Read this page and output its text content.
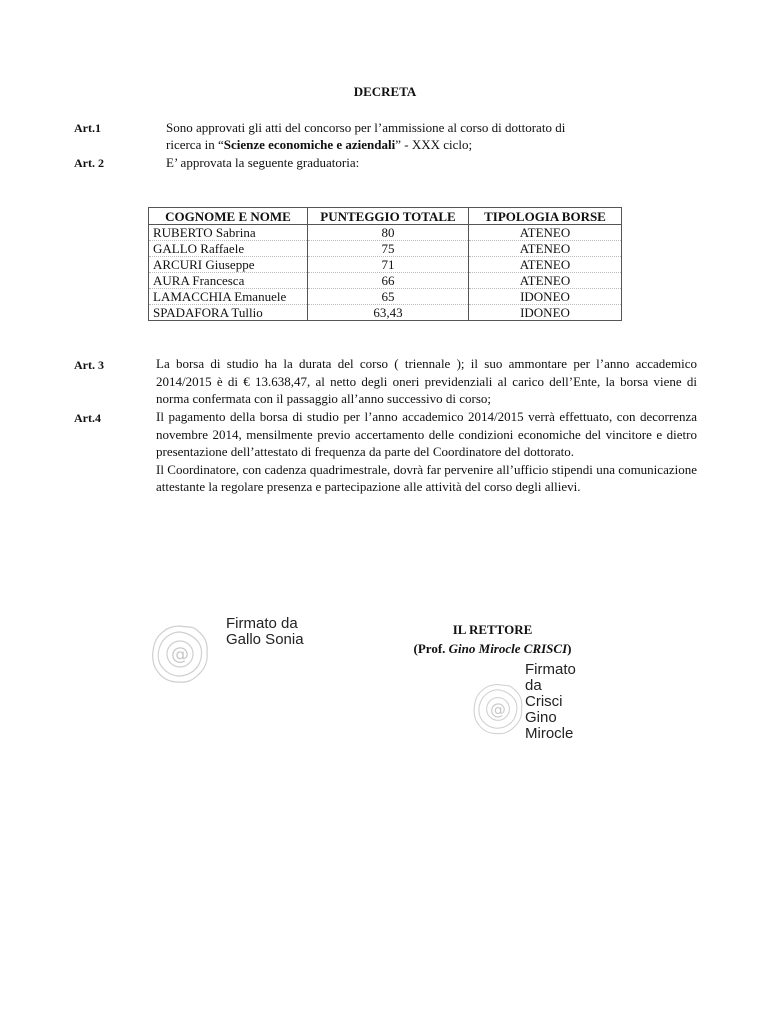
DECRETA
Art.1	Sono approvati gli atti del concorso per l’ammissione al corso di dottorato di
ricerca in “Scienze economiche e aziendali” - XXX ciclo;
Art. 2	E’ approvata la seguente graduatoria:
COGNOME E NOME	PUNTEGGIO TOTALE	TIPOLOGIA BORSE
RUBERTO Sabrina	80	ATENEO
GALLO Raffaele	75	ATENEO
ARCURI Giuseppe	71	ATENEO
AURA Francesca	66	ATENEO
LAMACCHIA Emanuele	65	IDONEO
SPADAFORA Tullio	63,43	IDONEO
Art. 3	La borsa di studio ha la durata del corso ( triennale ); il suo ammontare per l’anno accademico 2014/2015 è di € 13.638,47, al netto degli oneri previdenziali al carico dell’Ente, la borsa viene di norma confermata con il passaggio all’anno successivo di corso;
Art.4	Il pagamento della borsa di studio per l’anno accademico 2014/2015 verrà effettuato, con decorrenza novembre 2014, mensilmente previo accertamento delle condizioni economiche del vincitore e dietro presentazione dell’attestato di frequenza da parte del Coordinatore del dottorato.

Il Coordinatore, con cadenza quadrimestrale, dovrà far pervenire all’ufficio stipendi una comunicazione attestante la regolare presenza e partecipazione alle attività del corso degli allievi.

@
Firmato da
Gallo Sonia
IL RETTORE
(Prof. Gino Mirocle CRISCI)
@
Firmato
da
Crisci
Gino
Mirocle
